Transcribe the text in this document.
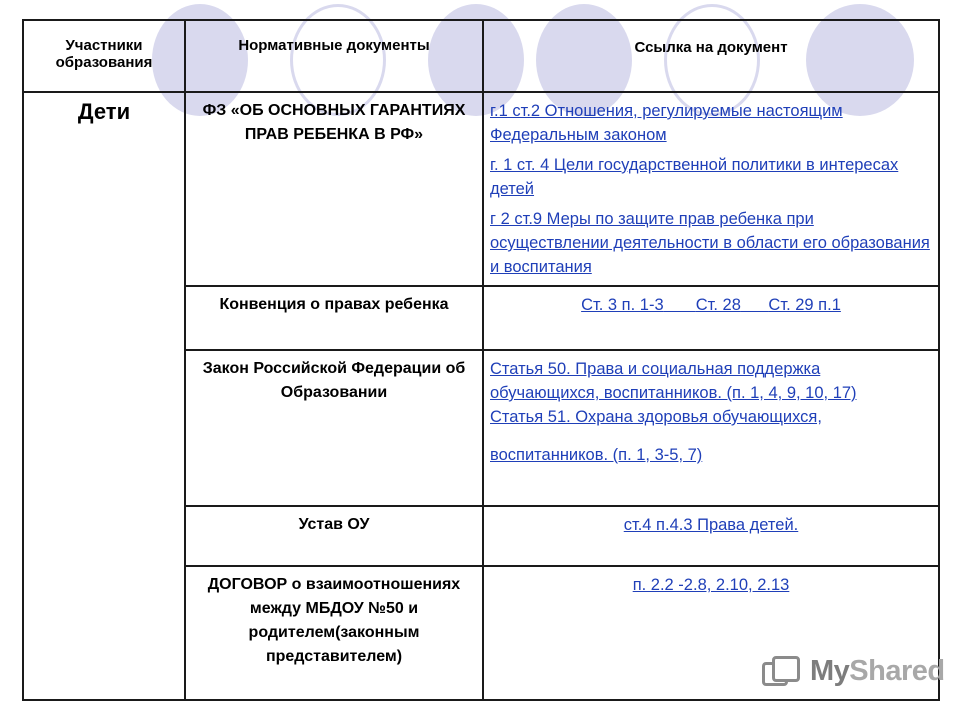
Участники образования	Нормативные документы	Ссылка на документ
Дети	ФЗ «ОБ ОСНОВНЫХ ГАРАНТИЯХ ПРАВ РЕБЕНКА В РФ»	г.1 ст.2 Отношения, регулируемые настоящим Федеральным законом
г. 1 ст. 4 Цели государственной политики в интересах детей
г 2 ст.9 Меры по защите прав ребенка при осуществлении деятельности в области его образования и воспитания

	Конвенция о правах ребенка	Ст. 3 п. 1-3 Ст. 28 Ст. 29 п.1
	Закон Российской Федерации об Образовании	Статья 50. Права и социальная поддержка обучающихся, воспитанников. (п. 1, 4, 9, 10, 17)
Статья 51. Охрана здоровья обучающихся,
воспитанников. (п. 1, 3-5, 7)

	Устав ОУ	ст.4 п.4.3 Права детей.

	ДОГОВОР о взаимоотношениях между МБДОУ №50 и родителем(законным представителем)	п. 2.2 -2.8, 2.10, 2.13
MyShared
